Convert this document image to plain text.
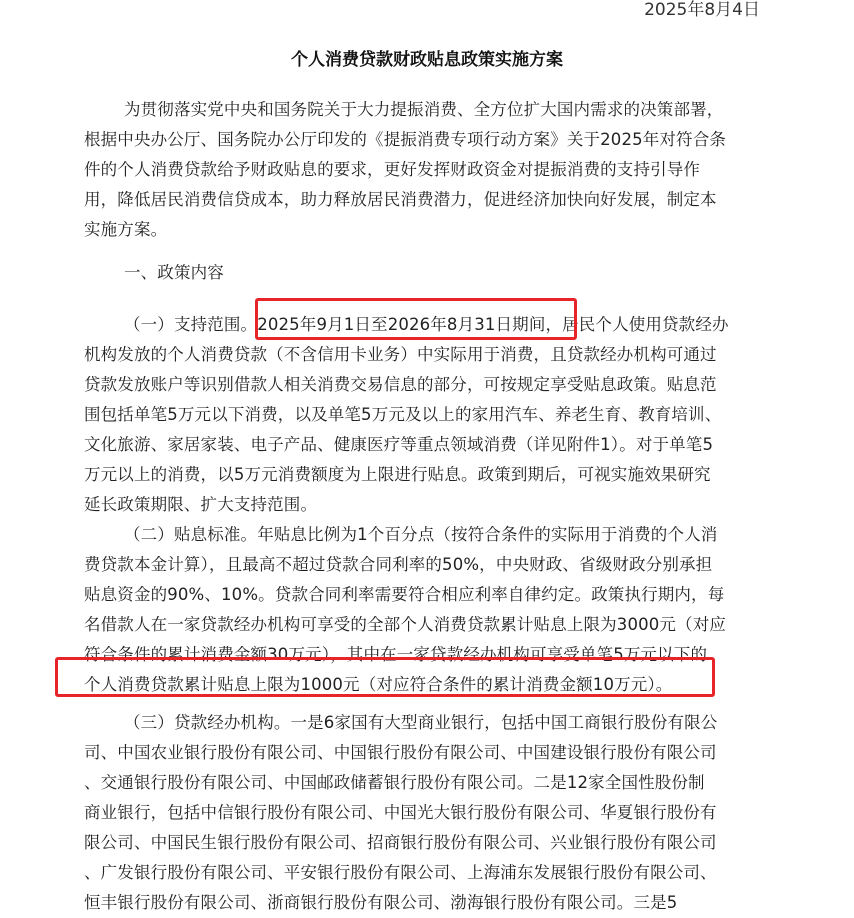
2025年8月4日
个人消费贷款财政贴息政策实施方案
为贯彻落实党中央和国务院关于大力提振消费、全方位扩大国内需求的决策部署，
根据中央办公厅、国务院办公厅印发的《提振消费专项行动方案》关于2025年对符合条
件的个人消费贷款给予财政贴息的要求，更好发挥财政资金对提振消费的支持引导作
用，降低居民消费信贷成本，助力释放居民消费潜力，促进经济加快向好发展，制定本
实施方案。
一、政策内容
（一）支持范围。2025年9月1日至2026年8月31日期间，居民个人使用贷款经办
机构发放的个人消费贷款（不含信用卡业务）中实际用于消费，且贷款经办机构可通过
贷款发放账户等识别借款人相关消费交易信息的部分，可按规定享受贴息政策。贴息范
围包括单笔5万元以下消费，以及单笔5万元及以上的家用汽车、养老生育、教育培训、
文化旅游、家居家装、电子产品、健康医疗等重点领域消费（详见附件1）。对于单笔5
万元以上的消费，以5万元消费额度为上限进行贴息。政策到期后，可视实施效果研究
延长政策期限、扩大支持范围。
（二）贴息标准。年贴息比例为1个百分点（按符合条件的实际用于消费的个人消
费贷款本金计算），且最高不超过贷款合同利率的50%，中央财政、省级财政分别承担
贴息资金的90%、10%。贷款合同利率需要符合相应利率自律约定。政策执行期内，每
名借款人在一家贷款经办机构可享受的全部个人消费贷款累计贴息上限为3000元（对应
符合条件的累计消费金额30万元），其中在一家贷款经办机构可享受单笔5万元以下的
个人消费贷款累计贴息上限为1000元（对应符合条件的累计消费金额10万元）。
（三）贷款经办机构。一是6家国有大型商业银行，包括中国工商银行股份有限公
司、中国农业银行股份有限公司、中国银行股份有限公司、中国建设银行股份有限公司
、交通银行股份有限公司、中国邮政储蓄银行股份有限公司。二是12家全国性股份制
商业银行，包括中信银行股份有限公司、中国光大银行股份有限公司、华夏银行股份有
限公司、中国民生银行股份有限公司、招商银行股份有限公司、兴业银行股份有限公司
、广发银行股份有限公司、平安银行股份有限公司、上海浦东发展银行股份有限公司、
恒丰银行股份有限公司、浙商银行股份有限公司、渤海银行股份有限公司。三是5
